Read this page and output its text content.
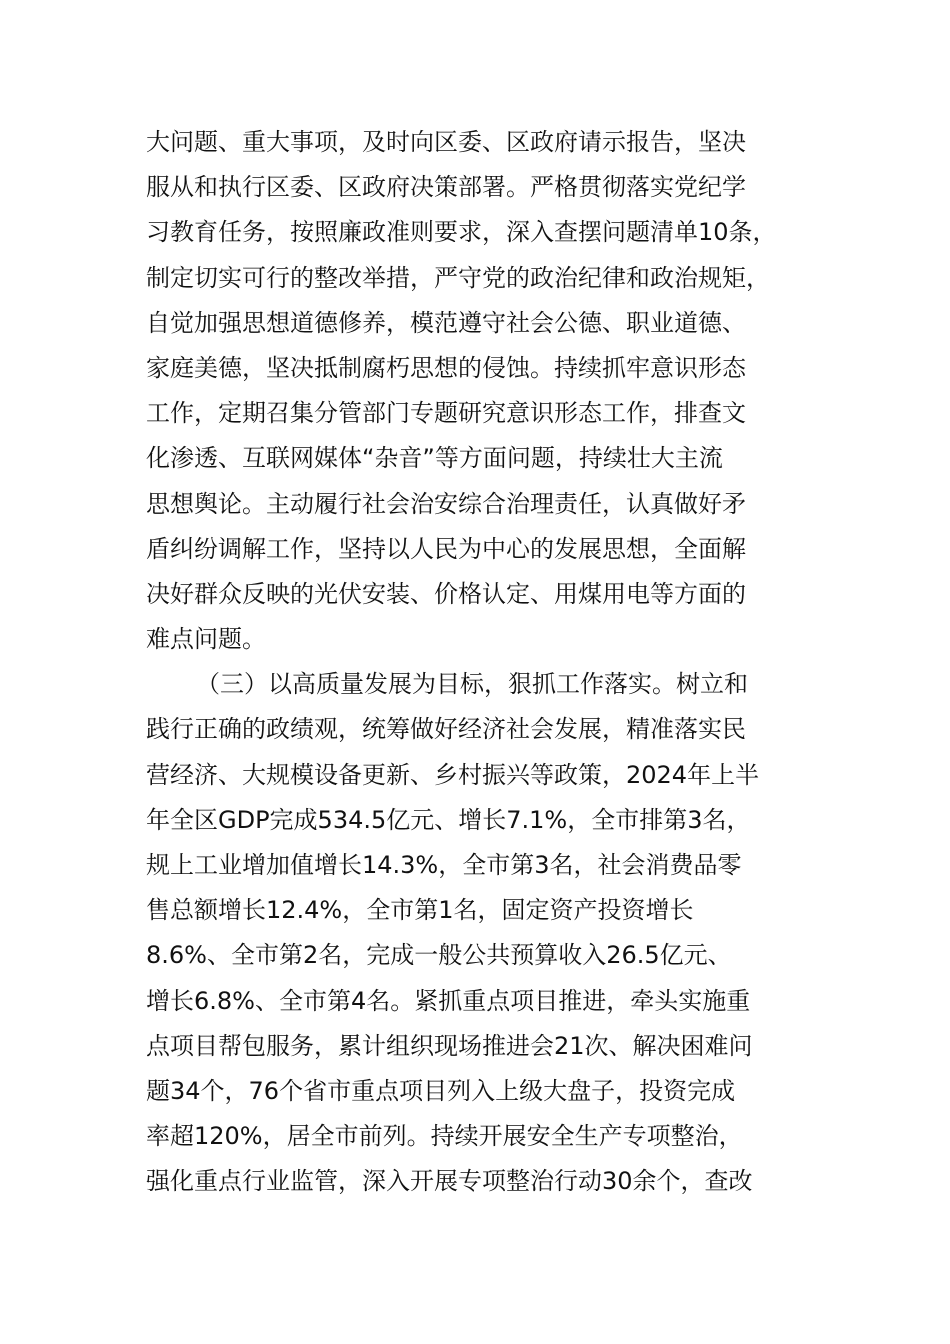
大问题、重大事项，及时向区委、区政府请示报告，坚决
服从和执行区委、区政府决策部署。严格贯彻落实党纪学
习教育任务，按照廉政准则要求，深入查摆问题清单10条，
制定切实可行的整改举措，严守党的政治纪律和政治规矩，
自觉加强思想道德修养，模范遵守社会公德、职业道德、
家庭美德，坚决抵制腐朽思想的侵蚀。持续抓牢意识形态
工作，定期召集分管部门专题研究意识形态工作，排查文
化渗透、互联网媒体“杂音”等方面问题，持续壮大主流
思想舆论。主动履行社会治安综合治理责任，认真做好矛
盾纠纷调解工作，坚持以人民为中心的发展思想，全面解
决好群众反映的光伏安装、价格认定、用煤用电等方面的
难点问题。
（三）以高质量发展为目标，狠抓工作落实。树立和
践行正确的政绩观，统筹做好经济社会发展，精准落实民
营经济、大规模设备更新、乡村振兴等政策，2024年上半
年全区GDP完成534.5亿元、增长7.1%，全市排第3名，
规上工业增加值增长14.3%，全市第3名，社会消费品零
售总额增长12.4%，全市第1名，固定资产投资增长
8.6%、全市第2名，完成一般公共预算收入26.5亿元、
增长6.8%、全市第4名。紧抓重点项目推进，牵头实施重
点项目帮包服务，累计组织现场推进会21次、解决困难问
题34个，76个省市重点项目列入上级大盘子，投资完成
率超120%，居全市前列。持续开展安全生产专项整治，
强化重点行业监管，深入开展专项整治行动30余个，查改
